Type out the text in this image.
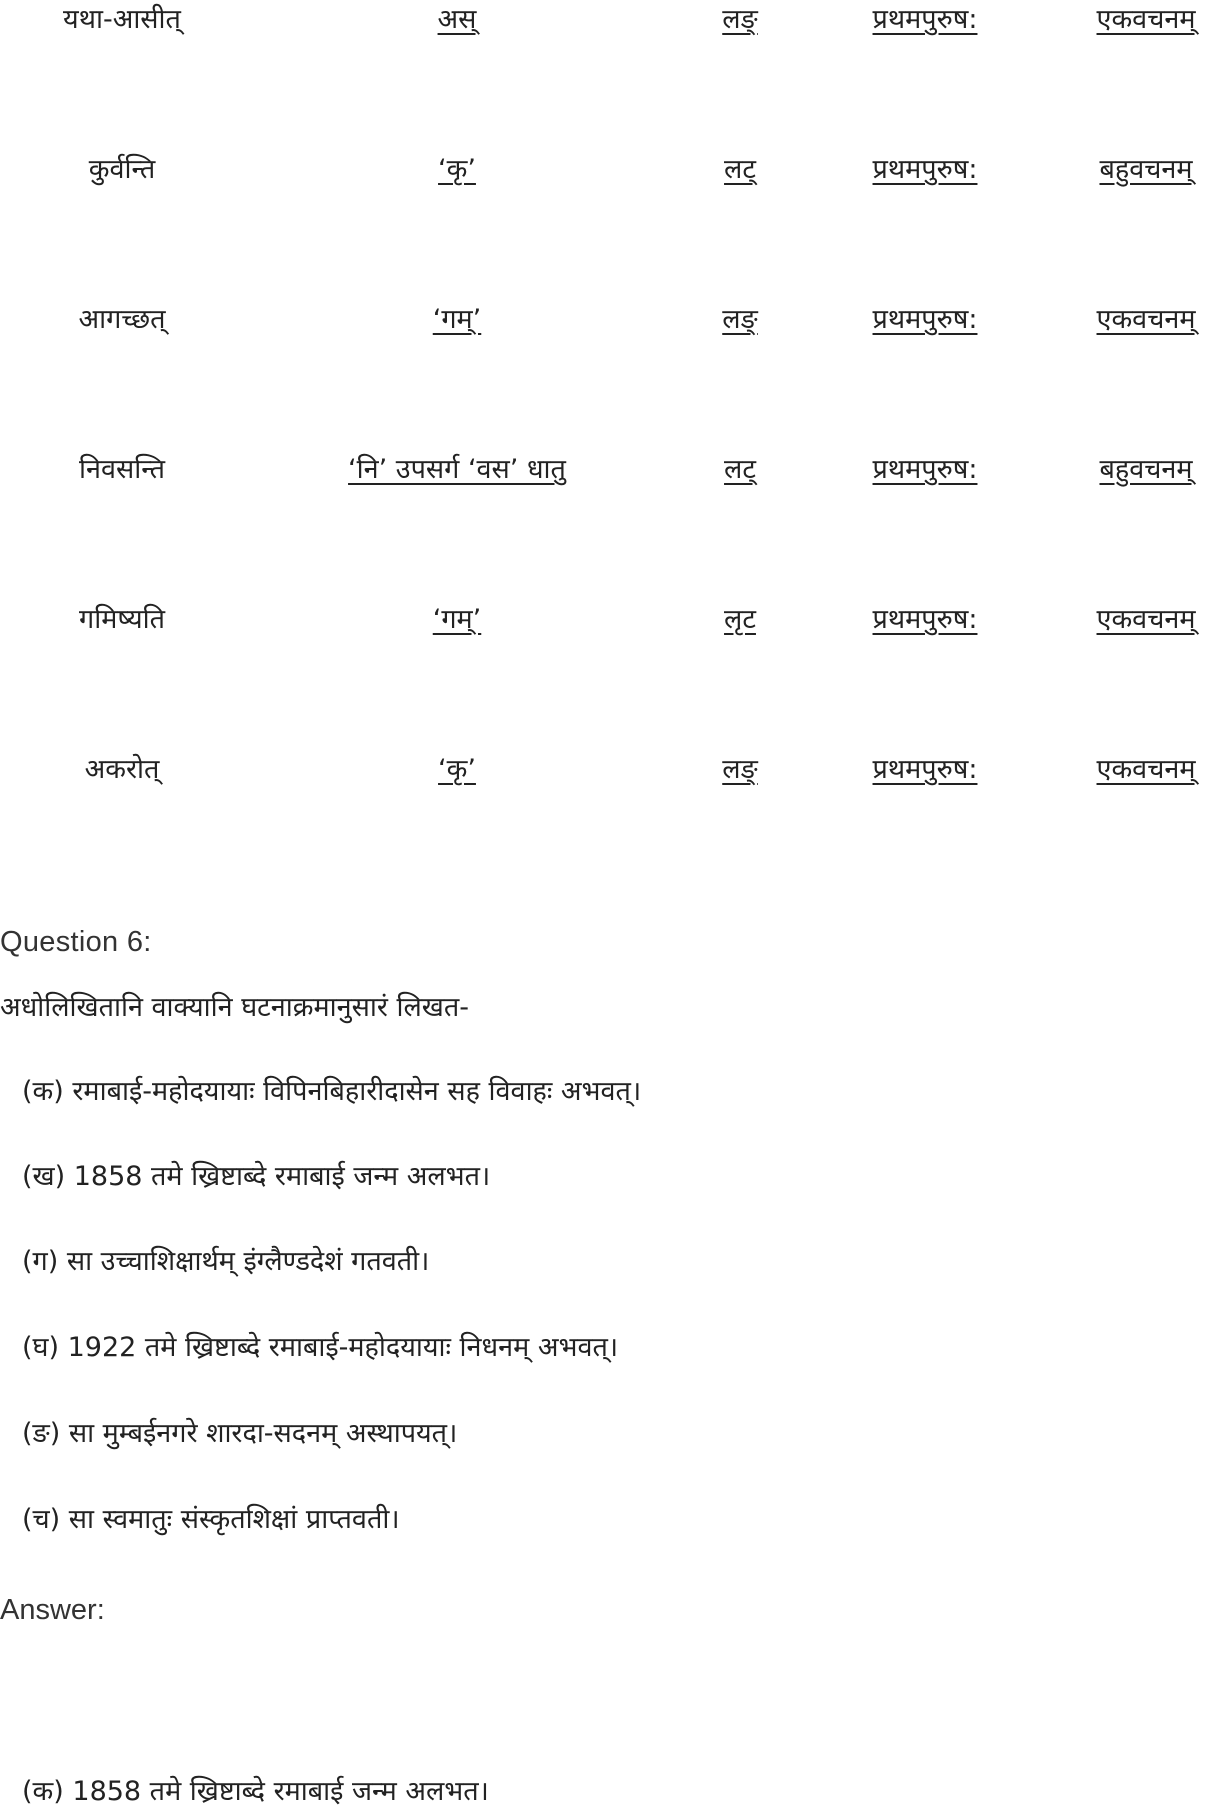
यथा-आसीत्	अस्	लङ्	प्रथमपुरुष:	एकवचनम्
कुर्वन्ति	‘कृ’	लट्	प्रथमपुरुष:	बहुवचनम्
आगच्छत्	‘गम्’	लङ्	प्रथमपुरुष:	एकवचनम्
निवसन्ति	‘नि’ उपसर्ग ‘वस’ धातु	लट्	प्रथमपुरुष:	बहुवचनम्
गमिष्यति	‘गम्’	लृट	प्रथमपुरुष:	एकवचनम्
अकरोत्	‘कृ’	लङ्	प्रथमपुरुष:	एकवचनम्
Question 6:
अधोलिखितानि वाक्यानि घटनाक्रमानुसारं लिखत-
(क) रमाबाई-महोदयायाः विपिनबिहारीदासेन सह विवाहः अभवत्।
(ख) 1858 तमे ख्रिष्टाब्दे रमाबाई जन्म अलभत।
(ग) सा उच्चाशिक्षार्थम् इंग्लैण्डदेशं गतवती।
(घ) 1922 तमे ख्रिष्टाब्दे रमाबाई-महोदयायाः निधनम् अभवत्।
(ङ) सा मुम्बईनगरे शारदा-सदनम् अस्थापयत्।
(च) सा स्वमातुः संस्कृतशिक्षां प्राप्तवती।
Answer:
(क) 1858 तमे ख्रिष्टाब्दे रमाबाई जन्म अलभत।
